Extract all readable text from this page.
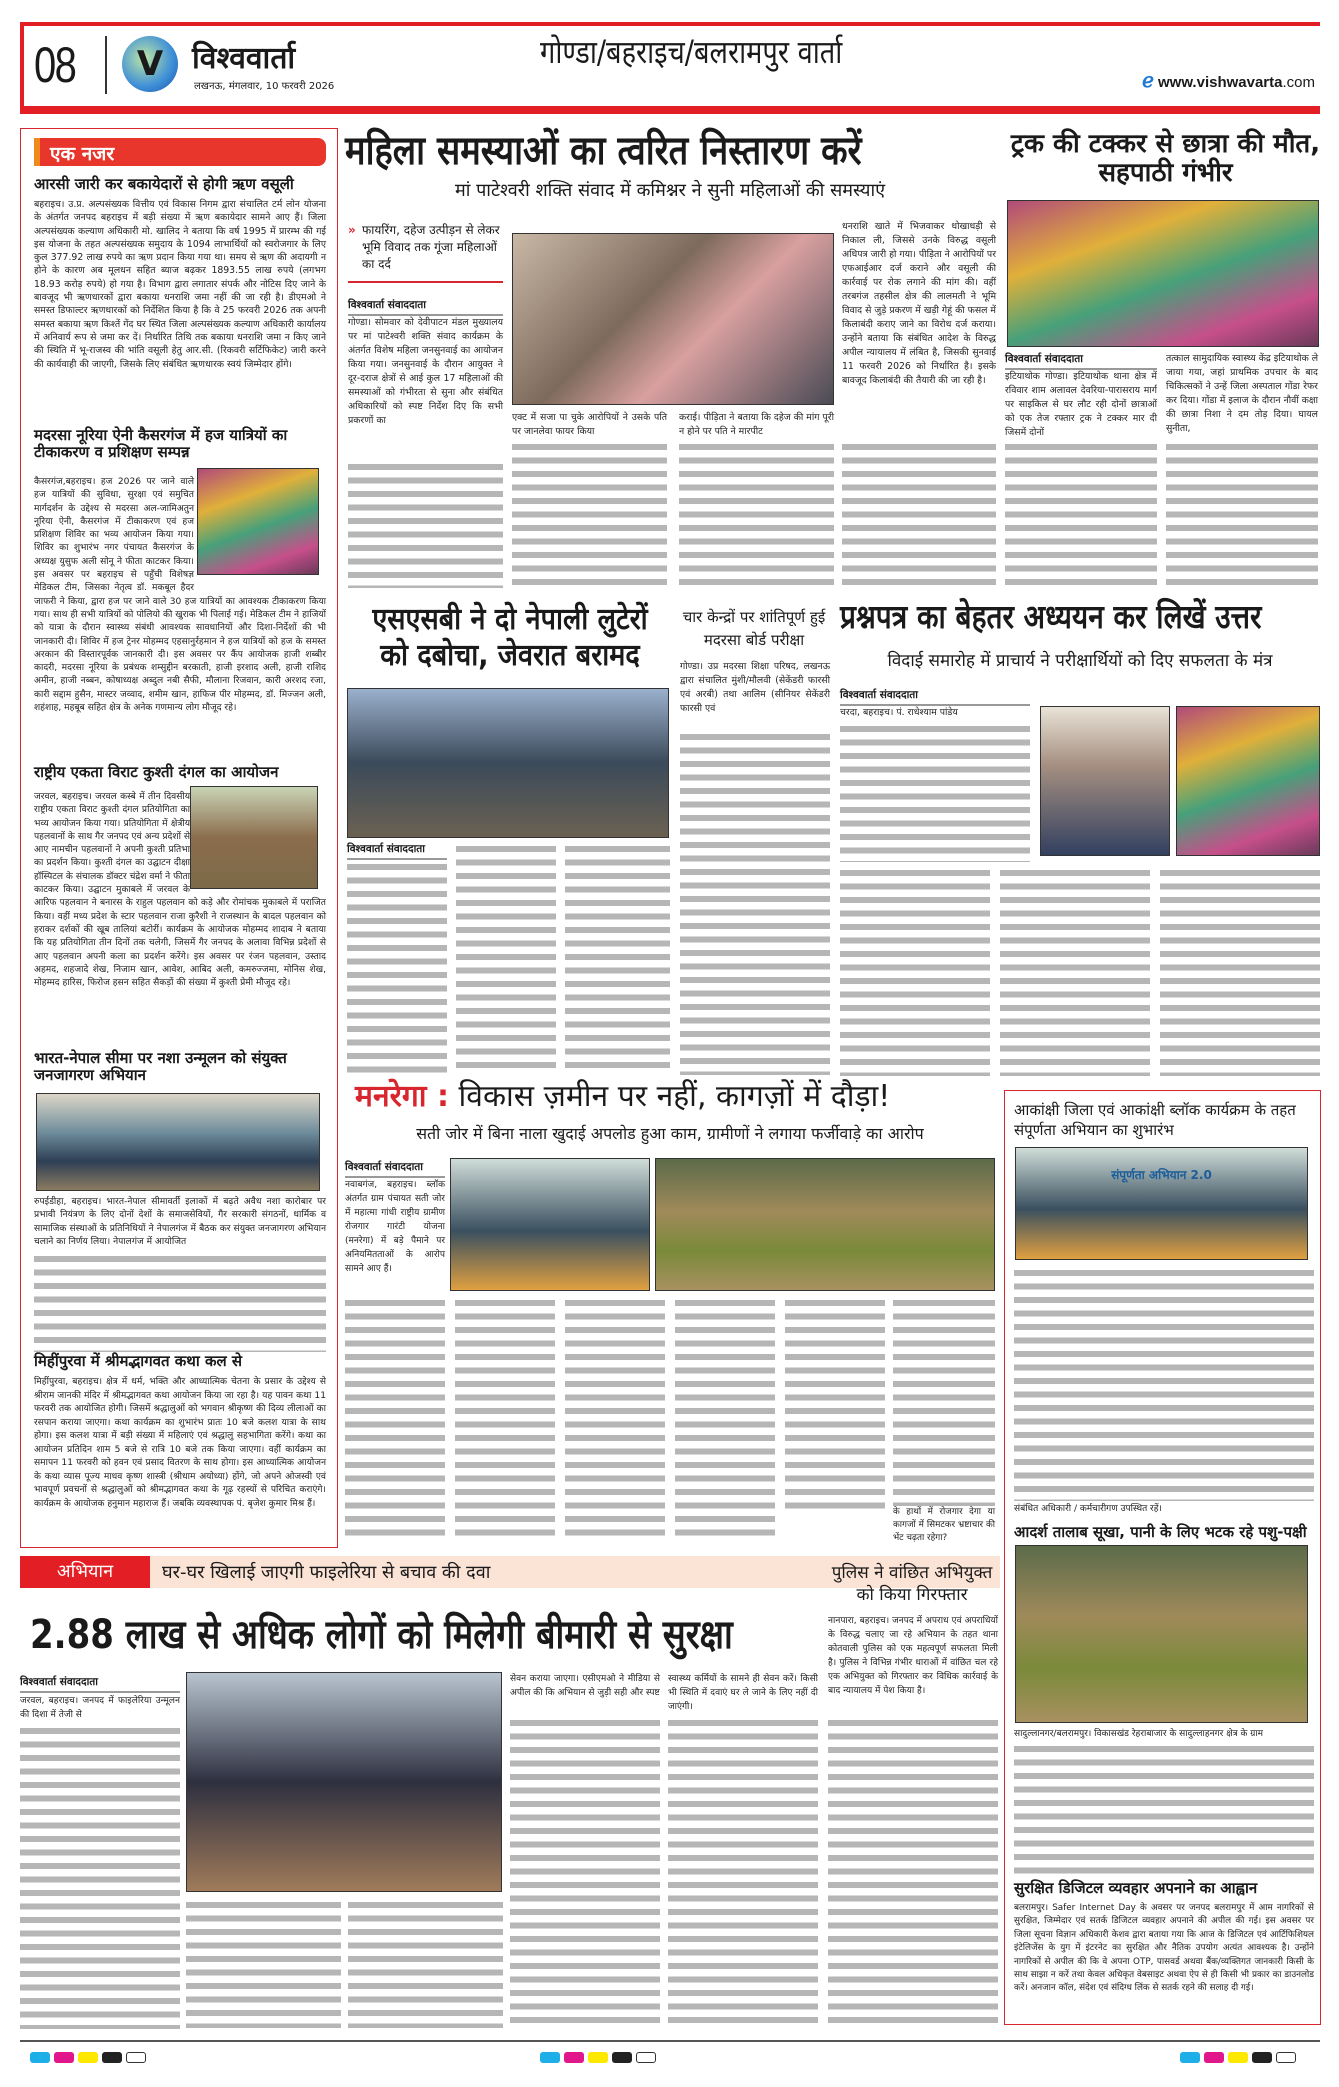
08	V विश्ववार्ता
लखनऊ, मंगलवार, 10 फरवरी 2026
गोण्डा/बहराइच/बलरामपुर वार्ता
ℯ www.vishwavarta.com
एक नजर
आरसी जारी कर बकायेदारों से होगी ऋण वसूली
बहराइच। उ.प्र. अल्पसंख्यक वित्तीय एवं विकास निगम द्वारा संचालित टर्म लोन योजना के अंतर्गत जनपद बहराइच में बड़ी संख्या में ऋण बकायेदार सामने आए हैं। जिला अल्पसंख्यक कल्याण अधिकारी मो. खालिद ने बताया कि वर्ष 1995 में प्रारम्भ की गई इस योजना के तहत अल्पसंख्यक समुदाय के 1094 लाभार्थियों को स्वरोजगार के लिए कुल 377.92 लाख रुपये का ऋण प्रदान किया गया था। समय से ऋण की अदायगी न होने के कारण अब मूलधन सहित ब्याज बढ़कर 1893.55 लाख रुपये (लगभग 18.93 करोड़ रुपये) हो गया है। विभाग द्वारा लगातार संपर्क और नोटिस दिए जाने के बावजूद भी ऋणधारकों द्वारा बकाया धनराशि जमा नहीं की जा रही है। डीएमओ ने समस्त डिफाल्टर ऋणधारकों को निर्देशित किया है कि वे 25 फरवरी 2026 तक अपनी समस्त बकाया ऋण किश्तें गेंद घर स्थित जिला अल्पसंख्यक कल्याण अधिकारी कार्यालय में अनिवार्य रूप से जमा कर दें। निर्धारित तिथि तक बकाया धनराशि जमा न किए जाने की स्थिति में भू-राजस्व की भांति वसूली हेतु आर.सी. (रिकवरी सर्टिफिकेट) जारी करने की कार्यवाही की जाएगी, जिसके लिए संबंधित ऋणधारक स्वयं जिम्मेदार होंगे।
मदरसा नूरिया ऐनी कैसरगंज में हज यात्रियों का टीकाकरण व प्रशिक्षण सम्पन्न
कैसरगंज,बहराइच। हज 2026 पर जाने वाले हज यात्रियों की सुविधा, सुरक्षा एवं समुचित मार्गदर्शन के उद्देश्य से मदरसा अल-जामिअतुन नूरिया ऐनी, कैसरगंज में टीकाकरण एवं हज प्रशिक्षण शिविर का भव्य आयोजन किया गया। शिविर का शुभारंभ नगर पंचायत कैसरगंज के अध्यक्ष युसुफ अली सोनू ने फीता काटकर किया। इस अवसर पर बहराइच से पहुँची विशेषज्ञ मेडिकल टीम, जिसका नेतृत्व डॉ. मकबूल हैदर जाफरी ने किया, द्वारा हज पर जाने वाले 30 हज यात्रियों का आवश्यक टीकाकरण किया गया। साथ ही सभी यात्रियों को पोलियो की खुराक भी पिलाई गई। मेडिकल टीम ने हाजियों को यात्रा के दौरान स्वास्थ्य संबंधी आवश्यक सावधानियों और दिशा-निर्देशों की भी जानकारी दी। शिविर में हज ट्रेनर मोहम्मद एहसानुर्रहमान ने हज यात्रियों को हज के समस्त अरकान की विस्तारपूर्वक जानकारी दी। इस अवसर पर कैंप आयोजक हाजी शब्बीर कादरी, मदरसा नूरिया के प्रबंधक शम्सुद्दीन बरकाती, हाजी इरशाद अली, हाजी राशिद अमीन, हाजी नब्बन, कोषाध्यक्ष अब्दुल नबी सैफी, मौलाना रिजवान, कारी अरशद रजा, कारी सद्दाम हुसैन, मास्टर जव्वाद, शमीम खान, हाफिज पीर मोहम्मद, डॉ. मिज्जन अली, शहंशाह, महबूब सहित क्षेत्र के अनेक गणमान्य लोग मौजूद रहे।
राष्ट्रीय एकता विराट कुश्ती दंगल का आयोजन
जरवल, बहराइच। जरवल कस्बे में तीन दिवसीय राष्ट्रीय एकता विराट कुश्ती दंगल प्रतियोगिता का भव्य आयोजन किया गया। प्रतियोगिता में क्षेत्रीय पहलवानों के साथ गैर जनपद एवं अन्य प्रदेशों से आए नामचीन पहलवानों ने अपनी कुश्ती प्रतिभा का प्रदर्शन किया। कुश्ती दंगल का उद्घाटन दीक्षा हॉस्पिटल के संचालक डॉक्टर चंद्रेश वर्मा ने फीता काटकर किया। उद्घाटन मुकाबले में जरवल के आरिफ पहलवान ने बनारस के राहुल पहलवान को कड़े और रोमांचक मुकाबले में पराजित किया। वहीं मध्य प्रदेश के स्टार पहलवान राजा कुरैशी ने राजस्थान के बादल पहलवान को हराकर दर्शकों की खूब तालियां बटोरीं। कार्यक्रम के आयोजक मोहम्मद शादाब ने बताया कि यह प्रतियोगिता तीन दिनों तक चलेगी, जिसमें गैर जनपद के अलावा विभिन्न प्रदेशों से आए पहलवान अपनी कला का प्रदर्शन करेंगे। इस अवसर पर रंजन पहलवान, उस्ताद अहमद, शहजादे शेख, निजाम खान, आवेश, आबिद अली, कमरुज्जमा, मोनिस शेख, मोहम्मद हारिस, फिरोज हसन सहित सैकड़ों की संख्या में कुश्ती प्रेमी मौजूद रहे।
भारत-नेपाल सीमा पर नशा उन्मूलन को संयुक्त जनजागरण अभियान
रुपईडीहा, बहराइच। भारत-नेपाल सीमावर्ती इलाकों में बढ़ते अवैध नशा कारोबार पर प्रभावी नियंत्रण के लिए दोनों देशों के समाजसेवियों, गैर सरकारी संगठनों, धार्मिक व सामाजिक संस्थाओं के प्रतिनिधियों ने नेपालगंज में बैठक कर संयुक्त जनजागरण अभियान चलाने का निर्णय लिया। नेपालगंज में आयोजित
मिहींपुरवा में श्रीमद्भागवत कथा कल से
मिहींपुरवा, बहराइच। क्षेत्र में धर्म, भक्ति और आध्यात्मिक चेतना के प्रसार के उद्देश्य से श्रीराम जानकी मंदिर में श्रीमद्भागवत कथा आयोजन किया जा रहा है। यह पावन कथा 11 फरवरी तक आयोजित होगी। जिसमें श्रद्धालुओं को भगवान श्रीकृष्ण की दिव्य लीलाओं का रसपान कराया जाएगा। कथा कार्यक्रम का शुभारंभ प्रातः 10 बजे कलश यात्रा के साथ होगा। इस कलश यात्रा में बड़ी संख्या में महिलाएं एवं श्रद्धालु सहभागिता करेंगे। कथा का आयोजन प्रतिदिन शाम 5 बजे से रात्रि 10 बजे तक किया जाएगा। वहीं कार्यक्रम का समापन 11 फरवरी को हवन एवं प्रसाद वितरण के साथ होगा। इस आध्यात्मिक आयोजन के कथा व्यास पूज्य माधव कृष्ण शास्त्री (श्रीधाम अयोध्या) होंगे, जो अपने ओजस्वी एवं भावपूर्ण प्रवचनों से श्रद्धालुओं को श्रीमद्भागवत कथा के गूढ़ रहस्यों से परिचित कराएंगे। कार्यक्रम के आयोजक हनुमान महाराज हैं। जबकि व्यवस्थापक पं. बृजेश कुमार मिश्र हैं।
महिला समस्याओं का त्वरित निस्तारण करें
मां पाटेश्वरी शक्ति संवाद में कमिश्नर ने सुनी महिलाओं की समस्याएं
» फायरिंग, दहेज उत्पीड़न से लेकर भूमि विवाद तक गूंजा महिलाओं का दर्द
विश्ववार्ता संवाददाता
गोण्डा। सोमवार को देवीपाटन मंडल मुख्यालय पर मां पाटेश्वरी शक्ति संवाद कार्यक्रम के अंतर्गत विशेष महिला जनसुनवाई का आयोजन किया गया। जनसुनवाई के दौरान आयुक्त ने दूर-दराज क्षेत्रों से आई कुल 17 महिलाओं की समस्याओं को गंभीरता से सुना और संबंधित अधिकारियों को स्पष्ट निर्देश दिए कि सभी प्रकरणों का	एक्ट में सजा पा चुके आरोपियों ने उसके पति पर जानलेवा फायर किया
कराई। पीड़िता ने बताया कि दहेज की मांग पूरी न होने पर पति ने मारपीट
धनराशि खाते में भिजवाकर धोखाधड़ी से निकाल ली, जिससे उनके विरुद्ध वसूली अधिपत्र जारी हो गया। पीड़िता ने आरोपियों पर एफआईआर दर्ज कराने और वसूली की कार्रवाई पर रोक लगाने की मांग की। वहीं तरबगंज तहसील क्षेत्र की लालमती ने भूमि विवाद से जुड़े प्रकरण में खड़ी गेहूं की फसल में किलाबंदी कराए जाने का विरोध दर्ज कराया। उन्होंने बताया कि संबंधित आदेश के विरुद्ध अपील न्यायालय में लंबित है, जिसकी सुनवाई 11 फरवरी 2026 को निर्धारित है। इसके बावजूद किलाबंदी की तैयारी की जा रही है।
ट्रक की टक्कर से छात्रा की मौत, सहपाठी गंभीर
विश्ववार्ता संवाददाता
इटियाथोक गोण्डा। इटियाथोक थाना क्षेत्र में रविवार शाम अलावल देवरिया-पारासराय मार्ग पर साइकिल से घर लौट रही दोनों छात्राओं को एक तेज रफ्तार ट्रक ने टक्कर मार दी जिसमें दोनों
तत्काल सामुदायिक स्वास्थ्य केंद्र इटियाथोक ले जाया गया, जहां प्राथमिक उपचार के बाद चिकित्सकों ने उन्हें जिला अस्पताल गोंडा रेफर कर दिया। गोंडा में इलाज के दौरान नौवीं कक्षा की छात्रा निशा ने दम तोड़ दिया। घायल सुनीता,
एसएसबी ने दो नेपाली लुटेरों को दबोचा, जेवरात बरामद
विश्ववार्ता संवाददाता
चार केन्द्रों पर शांतिपूर्ण हुई मदरसा बोर्ड परीक्षा
गोण्डा। उप्र मदरसा शिक्षा परिषद, लखनऊ द्वारा संचालित मुंशी/मौलवी (सेकेंडरी फारसी एवं अरबी) तथा आलिम (सीनियर सेकेंडरी फारसी एवं
प्रश्नपत्र का बेहतर अध्ययन कर लिखें उत्तर
विदाई समारोह में प्राचार्य ने परीक्षार्थियों को दिए सफलता के मंत्र
विश्ववार्ता संवाददाता
चरदा, बहराइच। पं. राधेश्याम पांडेय
मनरेगा : विकास ज़मीन पर नहीं, कागज़ों में दौड़ा!
सती जोर में बिना नाला खुदाई अपलोड हुआ काम, ग्रामीणों ने लगाया फर्जीवाड़े का आरोप
विश्ववार्ता संवाददाता
नवाबगंज, बहराइच। ब्लॉक अंतर्गत ग्राम पंचायत सती जोर में महात्मा गांधी राष्ट्रीय ग्रामीण रोजगार गारंटी योजना (मनरेगा) में बड़े पैमाने पर अनियमितताओं के आरोप सामने आए हैं।
के हाथों में रोजगार देगा या कागजों में सिमटकर भ्रष्टाचार की भेंट चढ़ता रहेगा?
आकांक्षी जिला एवं आकांक्षी ब्लॉक कार्यक्रम के तहत संपूर्णता अभियान का शुभारंभ
संपूर्णता अभियान 2.0
संबंधित अधिकारी / कर्मचारीगण उपस्थित रहें।
आदर्श तालाब सूखा, पानी के लिए भटक रहे पशु-पक्षी
सादुल्लानगर/बलरामपुर। विकासखंड रेहराबाजार के सादुल्लाहनगर क्षेत्र के ग्राम
सुरक्षित डिजिटल व्यवहार अपनाने का आह्वान
बलरामपुर। Safer Internet Day के अवसर पर जनपद बलरामपुर में आम नागरिकों से सुरक्षित, जिम्मेदार एवं सतर्क डिजिटल व्यवहार अपनाने की अपील की गई। इस अवसर पर जिला सूचना विज्ञान अधिकारी केशव द्वारा बताया गया कि आज के डिजिटल एवं आर्टिफिशियल इंटेलिजेंस के युग में इंटरनेट का सुरक्षित और नैतिक उपयोग अत्यंत आवश्यक है। उन्होंने नागरिकों से अपील की कि वे अपना OTP, पासवर्ड अथवा बैंक/व्यक्तिगत जानकारी किसी के साथ साझा न करें तथा केवल अधिकृत वेबसाइट अथवा ऐप से ही किसी भी प्रकार का डाउनलोड करें। अनजान कॉल, संदेश एवं संदिग्ध लिंक से सतर्क रहने की सलाह दी गई।
अभियान	घर-घर खिलाई जाएगी फाइलेरिया से बचाव की दवा
2.88 लाख से अधिक लोगों को मिलेगी बीमारी से सुरक्षा
विश्ववार्ता संवाददाता
जरवल, बहराइच। जनपद में फाइलेरिया उन्मूलन की दिशा में तेजी से
सेवन कराया जाएगा। एसीएमओ ने मीडिया से अपील की कि अभियान से जुड़ी सही और स्पष्ट
स्वास्थ्य कर्मियों के सामने ही सेवन करें। किसी भी स्थिति में दवाएं घर ले जाने के लिए नहीं दी जाएंगी।
पुलिस ने वांछित अभियुक्त को किया गिरफ्तार
नानपारा, बहराइच। जनपद में अपराध एवं अपराधियों के विरुद्ध चलाए जा रहे अभियान के तहत थाना कोतवाली पुलिस को एक महत्वपूर्ण सफलता मिली है। पुलिस ने विभिन्न गंभीर धाराओं में वांछित चल रहे एक अभियुक्त को गिरफ्तार कर विधिक कार्रवाई के बाद न्यायालय में पेश किया है।
